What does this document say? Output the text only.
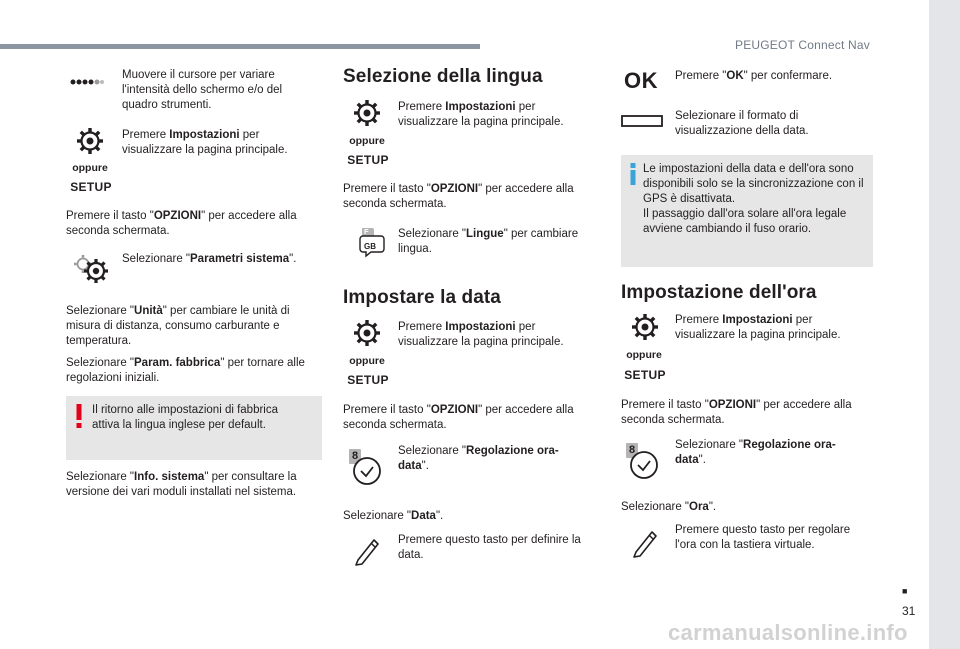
PEUGEOT Connect Nav

Muovere il cursore per variare l'intensità dello schermo e/o del quadro strumenti.

oppure
SETUP

Premere Impostazioni per visualizzare la pagina principale.

Premere il tasto "OPZIONI" per accedere alla seconda schermata.

Selezionare "Parametri sistema".

Selezionare "Unità" per cambiare le unità di misura di distanza, consumo carburante e temperatura.

Selezionare "Param. fabbrica" per tornare alle regolazioni iniziali.

Il ritorno alle impostazioni di fabbrica attiva la lingua inglese per default.

Selezionare "Info. sistema" per consultare la versione dei vari moduli installati nel sistema.

Selezione della lingua
oppure
SETUP

Premere Impostazioni per visualizzare la pagina principale.

Premere il tasto "OPZIONI" per accedere alla seconda schermata.

F
GB

Selezionare "Lingue" per cambiare lingua.

Impostare la data
oppure
SETUP

Premere Impostazioni per visualizzare la pagina principale.

Premere il tasto "OPZIONI" per accedere alla seconda schermata.

8	Selezionare "Regolazione ora-data".

Selezionare "Data".

Premere questo tasto per definire la data.

OK Premere "OK" per confermare.

Selezionare il formato di visualizzazione della data.

Le impostazioni della data e dell'ora sono disponibili solo se la sincronizzazione con il GPS è disattivata.
Il passaggio dall'ora solare all'ora legale avviene cambiando il fuso orario.

Impostazione dell'ora
oppure
SETUP

Premere Impostazioni per visualizzare la pagina principale.

Premere il tasto "OPZIONI" per accedere alla seconda schermata.

8	Selezionare "Regolazione ora-data".

Selezionare "Ora".

Premere questo tasto per regolare l'ora con la tastiera virtuale.

■
31
carmanualsonline.info
